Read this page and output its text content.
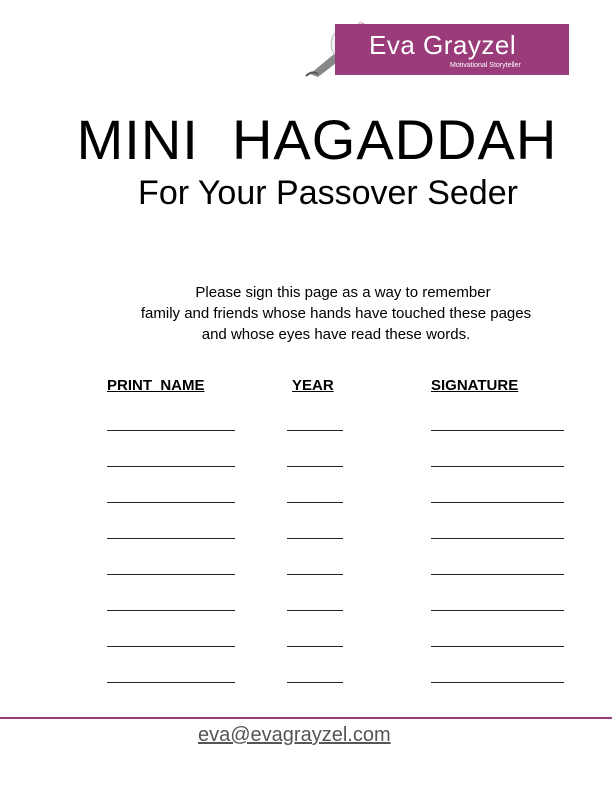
Eva Grayzel
Motivational Storyteller
MINI  HAGADDAH
For Your Passover Seder
Please sign this page as a way to remember
family and friends whose hands have touched these pages
and whose eyes have read these words.
PRINT  NAME	YEAR	SIGNATURE
eva@evagrayzel.com
